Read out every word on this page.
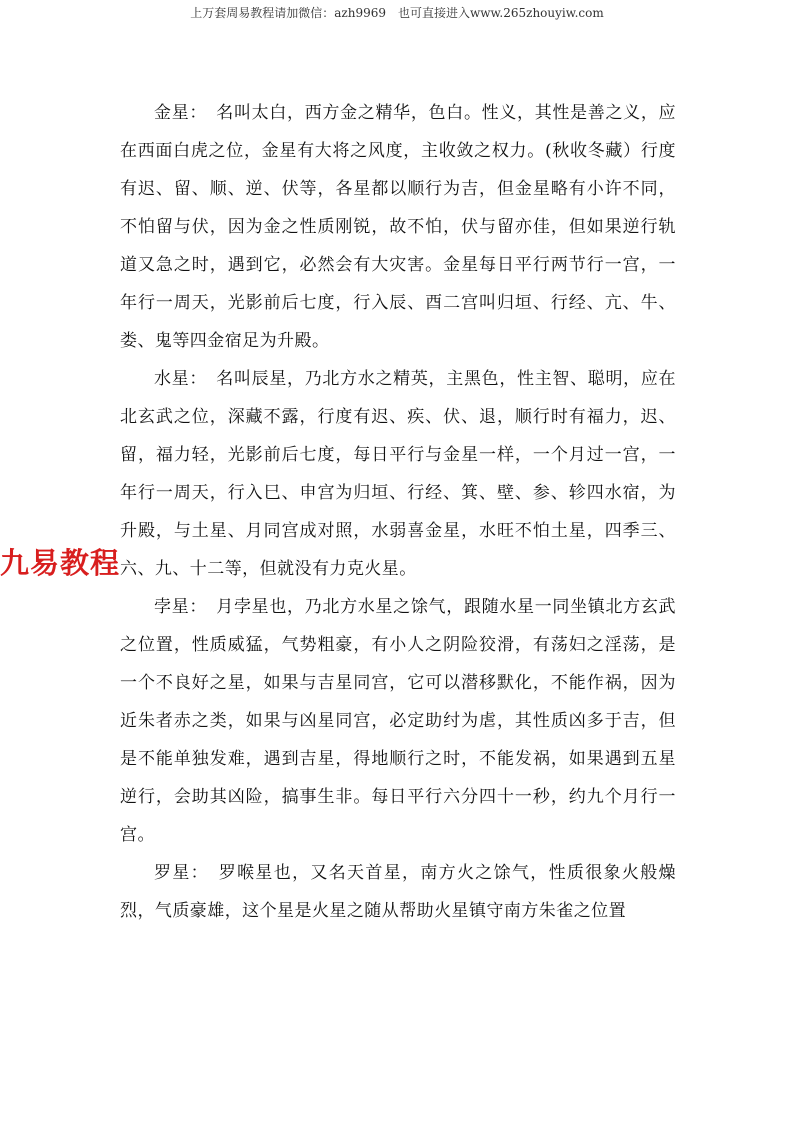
上万套周易教程请加微信：azh9969　也可直接进入www.265zhouyiw.com

金星：　名叫太白，西方金之精华，色白。性义，其性是善之义，应在西面白虎之位，金星有大将之风度，主收敛之权力。(秋收冬藏）行度有迟、留、顺、逆、伏等，各星都以顺行为吉，但金星略有小许不同，不怕留与伏，因为金之性质刚锐，故不怕，伏与留亦佳，但如果逆行轨道又急之时，遇到它，必然会有大灾害。金星每日平行两节行一宫，一年行一周天，光影前后七度，行入辰、酉二宫叫归垣、行经、亢、牛、娄、鬼等四金宿足为升殿。

水星：　名叫辰星，乃北方水之精英，主黑色，性主智、聪明，应在北玄武之位，深藏不露，行度有迟、疾、伏、退，顺行时有福力，迟、留，福力轻，光影前后七度，每日平行与金星一样，一个月过一宫，一年行一周天，行入巳、申宫为归垣、行经、箕、壁、参、轸四水宿，为升殿，与土星、月同宫成对照，水弱喜金星，水旺不怕土星，四季三、六、九、十二等，但就没有力克火星。

孛星：　月孛星也，乃北方水星之馀气，跟随水星一同坐镇北方玄武之位置，性质威猛，气势粗豪，有小人之阴险狡滑，有荡妇之淫荡，是一个不良好之星，如果与吉星同宫，它可以潜移默化，不能作祸，因为近朱者赤之类，如果与凶星同宫，必定助纣为虐，其性质凶多于吉，但是不能单独发难，遇到吉星，得地顺行之时，不能发祸，如果遇到五星逆行，会助其凶险，搞事生非。每日平行六分四十一秒，约九个月行一宫。

罗星：　罗喉星也，又名天首星，南方火之馀气，性质很象火般燥烈，气质豪雄，这个星是火星之随从帮助火星镇守南方朱雀之位置

九易教程
